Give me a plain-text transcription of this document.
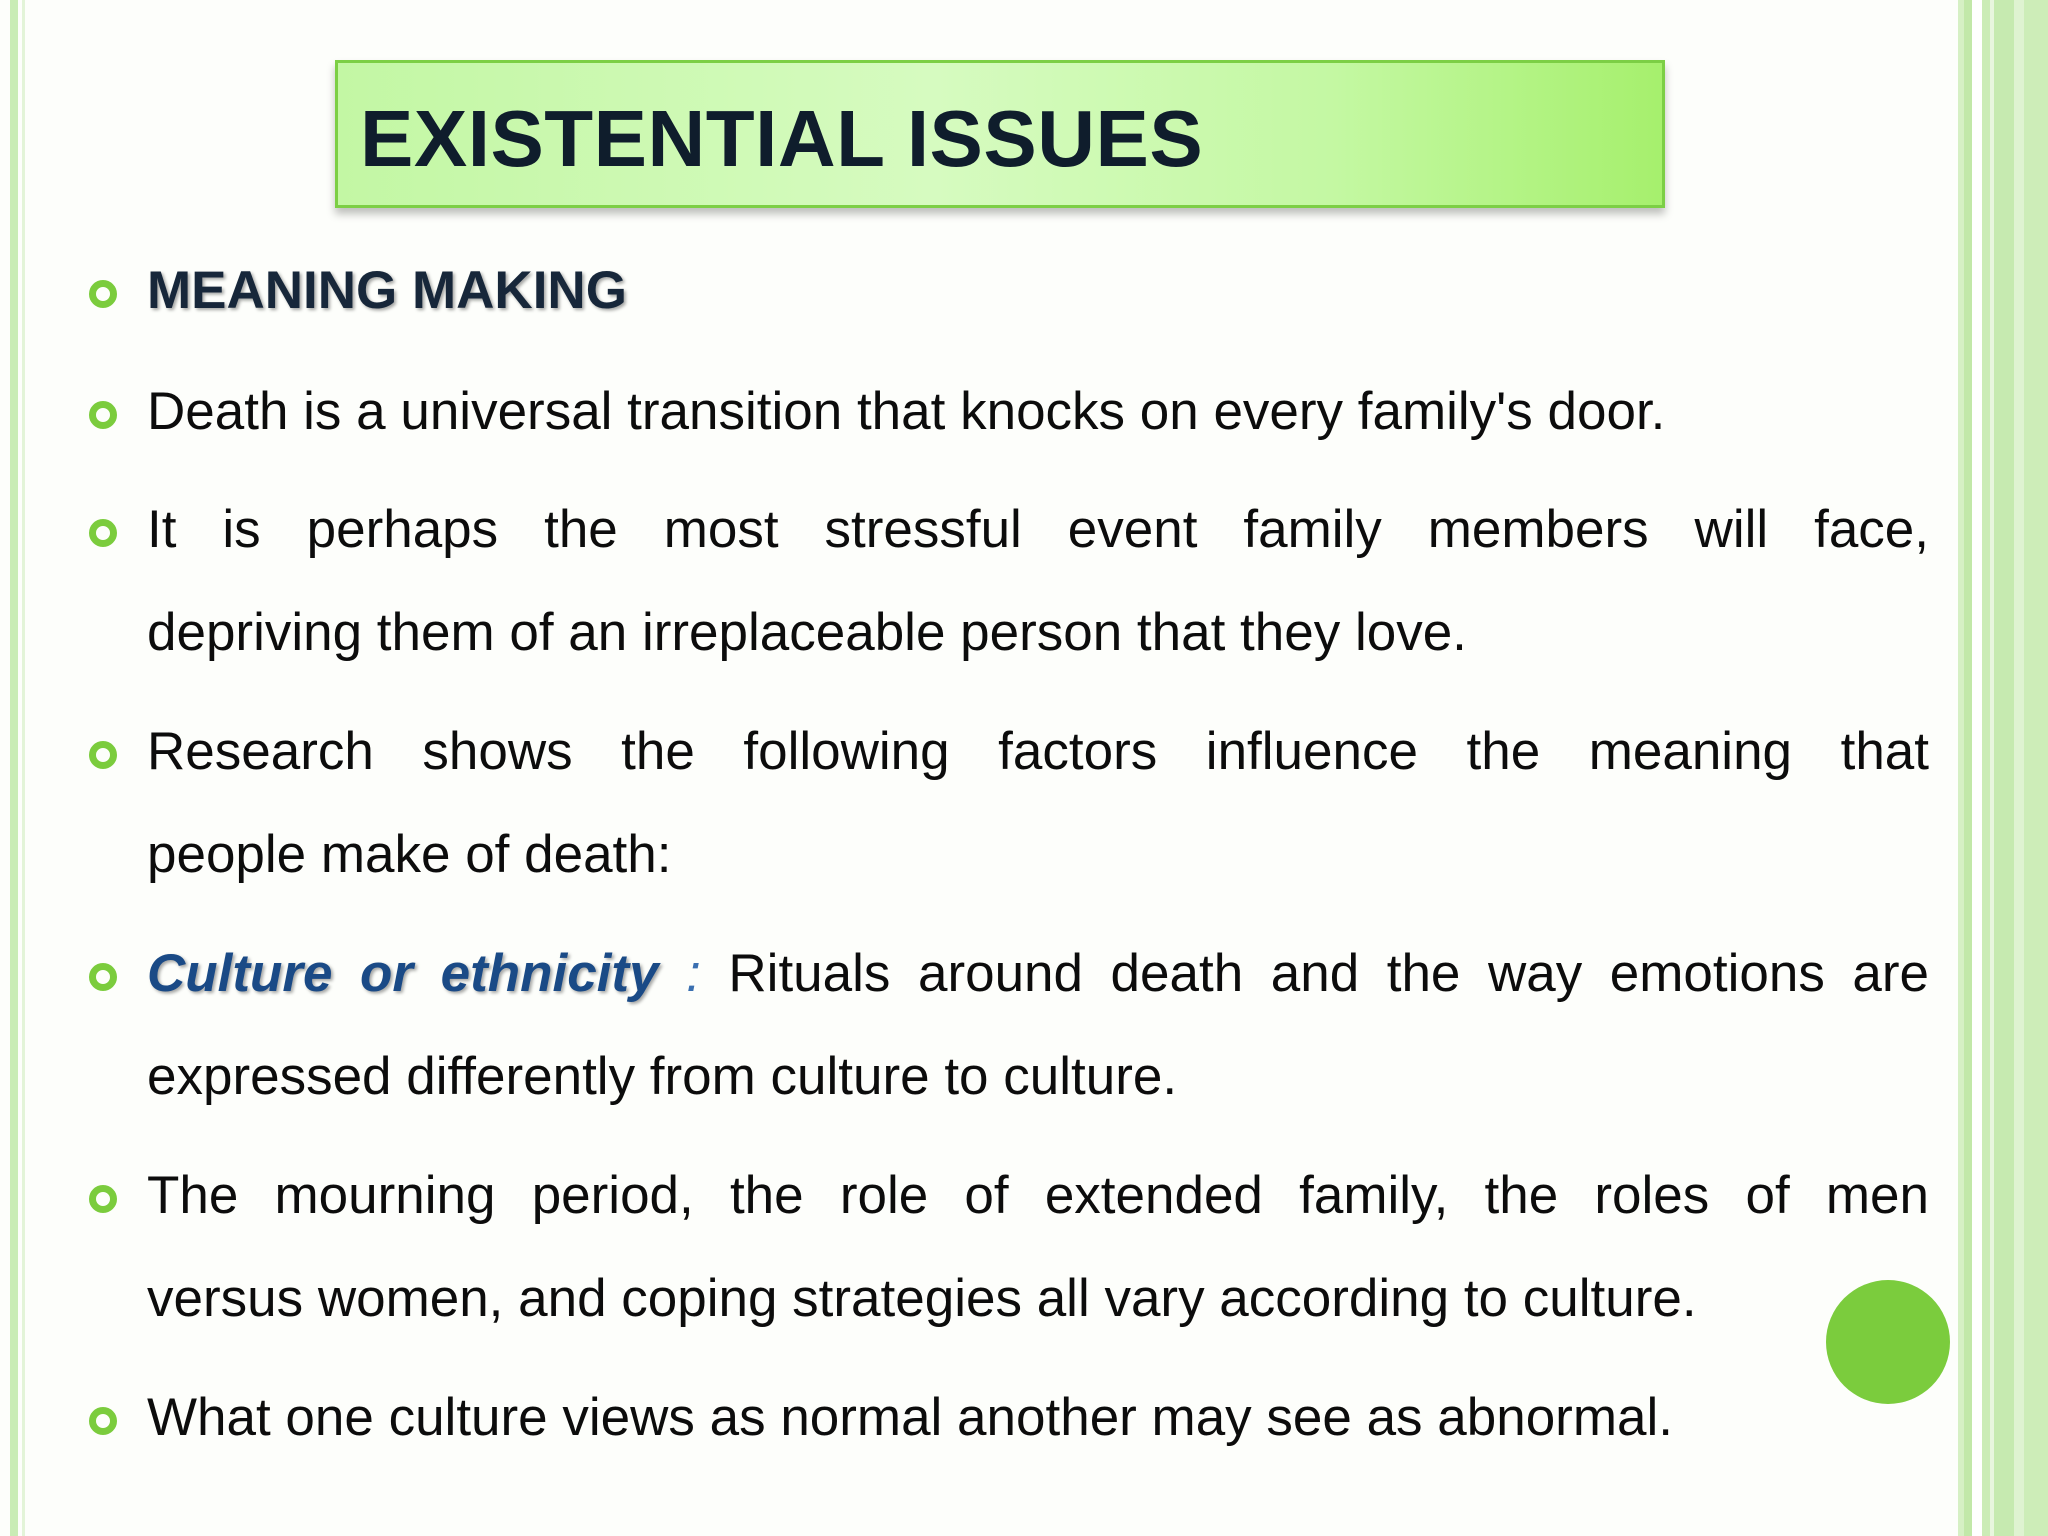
EXISTENTIAL ISSUES
MEANING MAKING
Death is a universal transition that knocks on every family's door.
It is perhaps the most stressful event family members will face,
depriving them of an irreplaceable person that they love.
Research shows the following factors influence the meaning that
people make of death:
Culture or ethnicity : Rituals around death and the way emotions are
expressed differently from culture to culture.
The mourning period, the role of extended family, the roles of men
versus women, and coping strategies all vary according to culture.
What one culture views as normal another may see as abnormal.
